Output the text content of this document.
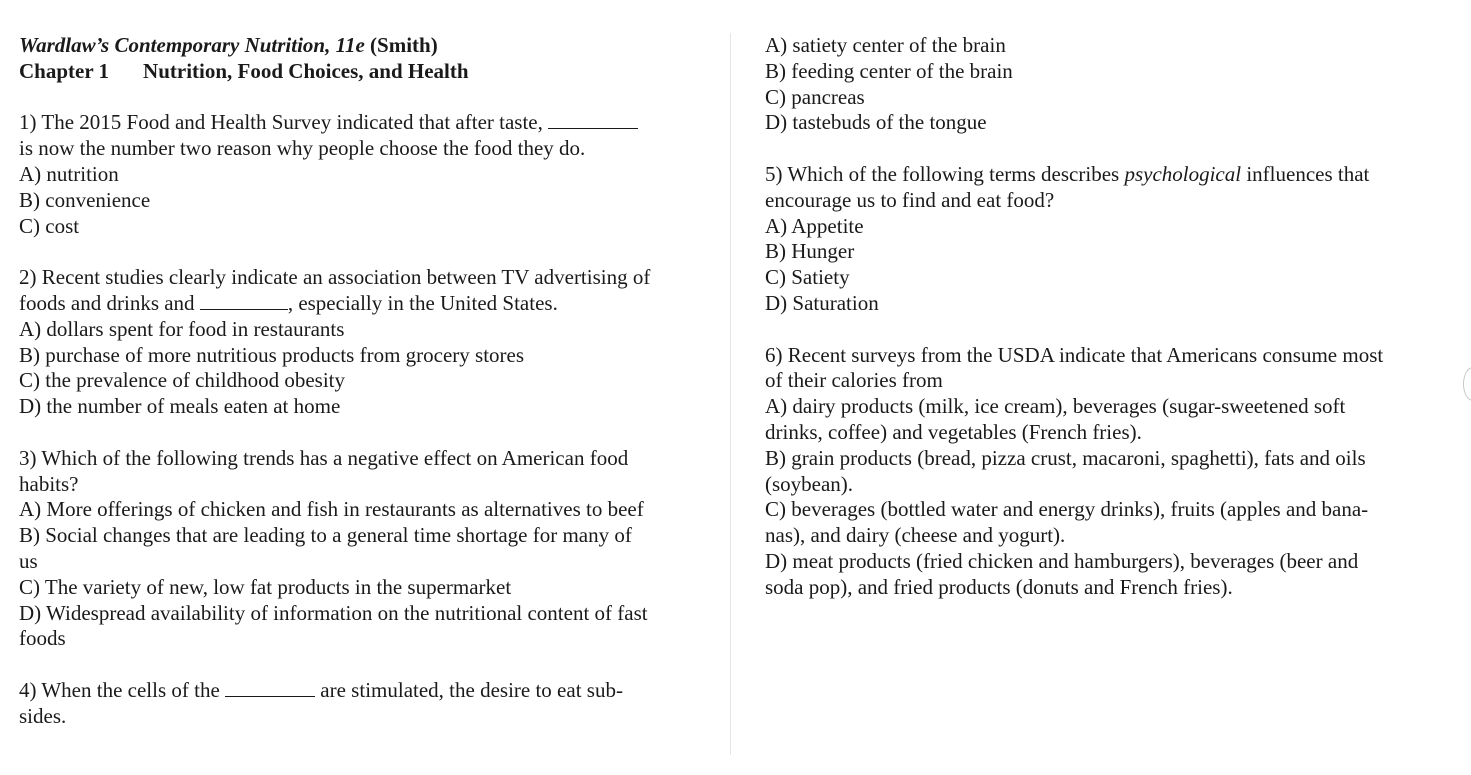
Wardlaw’s Contemporary Nutrition, 11e (Smith)
Chapter 1 Nutrition, Food Choices, and Health
1) The 2015 Food and Health Survey indicated that after taste,
is now the number two reason why people choose the food they do.
A) nutrition
B) convenience
C) cost
2) Recent studies clearly indicate an association between TV advertising of
foods and drinks and	, especially in the United States.
A) dollars spent for food in restaurants
B) purchase of more nutritious products from grocery stores
C) the prevalence of childhood obesity
D) the number of meals eaten at home
3) Which of the following trends has a negative effect on American food
habits?
A) More offerings of chicken and fish in restaurants as alternatives to beef
B) Social changes that are leading to a general time shortage for many of
us
C) The variety of new, low fat products in the supermarket
D) Widespread availability of information on the nutritional content of fast
foods
4) When the cells of the	are stimulated, the desire to eat sub-
sides.
A) satiety center of the brain
B) feeding center of the brain
C) pancreas
D) tastebuds of the tongue
5) Which of the following terms describes psychological influences that
encourage us to find and eat food?
A) Appetite
B) Hunger
C) Satiety
D) Saturation
6) Recent surveys from the USDA indicate that Americans consume most
of their calories from
A) dairy products (milk, ice cream), beverages (sugar-sweetened soft
drinks, coffee) and vegetables (French fries).
B) grain products (bread, pizza crust, macaroni, spaghetti), fats and oils
(soybean).
C) beverages (bottled water and energy drinks), fruits (apples and bana-
nas), and dairy (cheese and yogurt).
D) meat products (fried chicken and hamburgers), beverages (beer and
soda pop), and fried products (donuts and French fries).
